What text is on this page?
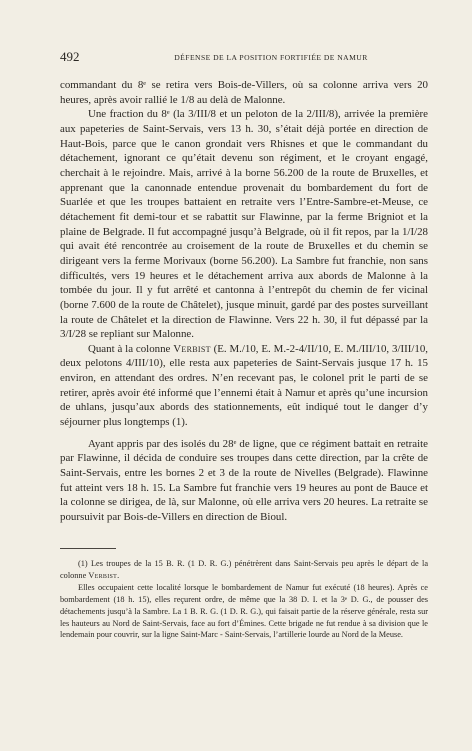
492	DÉFENSE DE LA POSITION FORTIFIÉE DE NAMUR

commandant du 8ᵉ se retira vers Bois-de-Villers, où sa colonne arriva vers 20 heures, après avoir rallié le 1/8 au delà de Malonne.

Une fraction du 8ᵉ (la 3/III/8 et un peloton de la 2/III/8), arrivée la première aux papeteries de Saint-Servais, vers 13 h. 30, s’était déjà portée en direction de Haut-Bois, parce que le canon grondait vers Rhisnes et que le commandant du détachement, ignorant ce qu’était devenu son régiment, et le croyant engagé, cherchait à le rejoindre. Mais, arrivé à la borne 56.200 de la route de Bruxelles, et apprenant que la canonnade entendue provenait du bombardement du fort de Suarlée et que les troupes battaient en retraite vers l’Entre-Sambre-et-Meuse, ce détachement fit demi-tour et se rabattit sur Flawinne, par la ferme Brigniot et la plaine de Belgrade. Il fut accompagné jusqu’à Belgrade, où il fit repos, par la 1/I/28 qui avait été rencontrée au croisement de la route de Bruxelles et du chemin se dirigeant vers la ferme Morivaux (borne 56.200). La Sambre fut franchie, non sans difficultés, vers 19 heures et le détachement arriva aux abords de Malonne à la tombée du jour. Il y fut arrêté et cantonna à l’entrepôt du chemin de fer vicinal (borne 7.600 de la route de Châtelet), jusque minuit, gardé par des postes surveillant la route de Châtelet et la direction de Flawinne. Vers 22 h. 30, il fut dépassé par la 3/I/28 se repliant sur Malonne.

Quant à la colonne Verbist (E. M./10, E. M.-2-4/II/10, E. M./III/10, 3/III/10, deux pelotons 4/III/10), elle resta aux papeteries de Saint-Servais jusque 17 h. 15 environ, en attendant des ordres. N’en recevant pas, le colonel prit le parti de se retirer, après avoir été informé que l’ennemi était à Namur et après qu’une incursion de uhlans, jusqu’aux abords des stationnements, eût indiqué tout le danger d’y séjourner plus longtemps (1).

Ayant appris par des isolés du 28ᵉ de ligne, que ce régiment battait en retraite par Flawinne, il décida de conduire ses troupes dans cette direction, par la crête de Saint-Servais, entre les bornes 2 et 3 de la route de Nivelles (Belgrade). Flawinne fut atteint vers 18 h. 15. La Sambre fut franchie vers 19 heures au pont de Bauce et la colonne se dirigea, de là, sur Malonne, où elle arriva vers 20 heures. La retraite se poursuivit par Bois-de-Villers en direction de Bioul.

(1) Les troupes de la 15 B. R. (1 D. R. G.) pénétrèrent dans Saint-Servais peu après le départ de la colonne Verbist.

Elles occupaient cette localité lorsque le bombardement de Namur fut exécuté (18 heures). Après ce bombardement (18 h. 15), elles reçurent ordre, de même que la 38 D. I. et la 3ᵉ D. G., de pousser des détachements jusqu’à la Sambre. La 1 B. R. G. (1 D. R. G.), qui faisait partie de la réserve générale, resta sur les hauteurs au Nord de Saint-Servais, face au fort d’Émines. Cette brigade ne fut rendue à sa division que le lendemain pour couvrir, sur la ligne Saint-Marc - Saint-Servais, l’artillerie lourde au Nord de la Meuse.
